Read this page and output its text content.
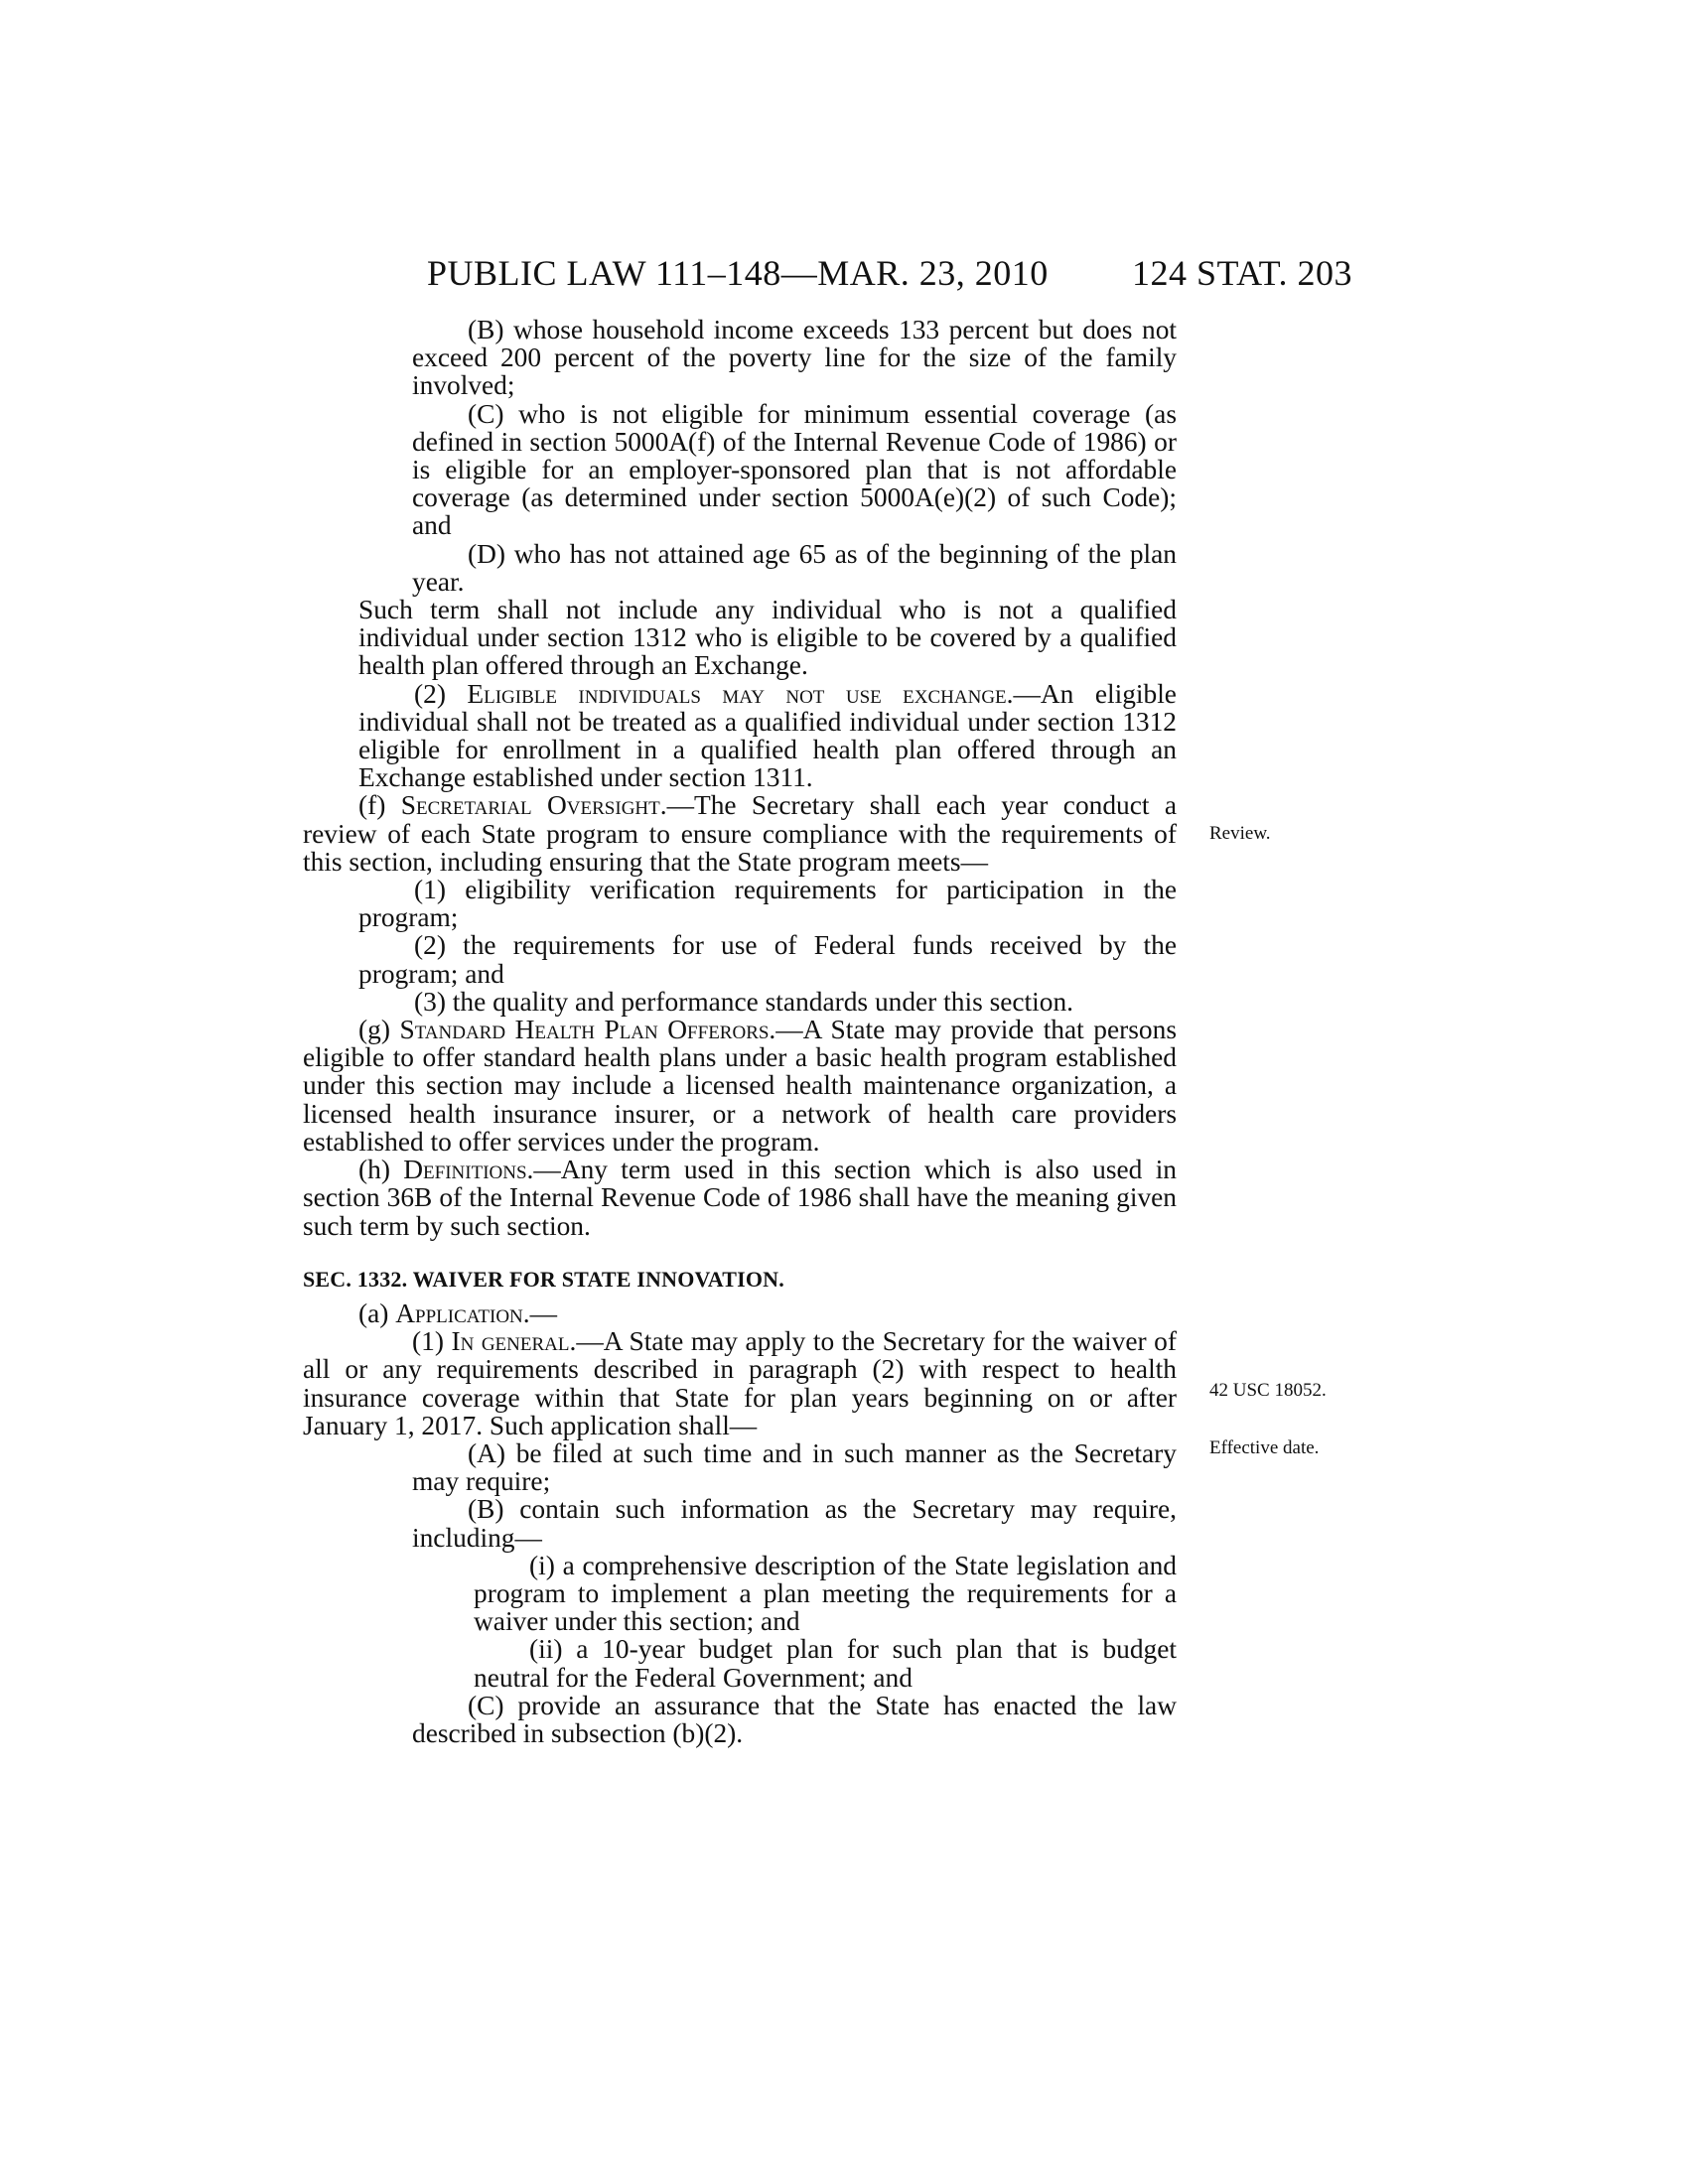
PUBLIC LAW 111–148—MAR. 23, 2010 124 STAT. 203

(B) whose household income exceeds 133 percent but does not exceed 200 percent of the poverty line for the size of the family involved;

(C) who is not eligible for minimum essential coverage (as defined in section 5000A(f) of the Internal Revenue Code of 1986) or is eligible for an employer-sponsored plan that is not affordable coverage (as determined under section 5000A(e)(2) of such Code); and

(D) who has not attained age 65 as of the beginning of the plan year.

Such term shall not include any individual who is not a qualified individual under section 1312 who is eligible to be covered by a qualified health plan offered through an Exchange.

(2) Eligible individuals may not use exchange.—An eligible individual shall not be treated as a qualified individual under section 1312 eligible for enrollment in a qualified health plan offered through an Exchange established under section 1311.

(f) Secretarial Oversight.—The Secretary shall each year conduct a review of each State program to ensure compliance with the requirements of this section, including ensuring that the State program meets—

(1) eligibility verification requirements for participation in the program;

(2) the requirements for use of Federal funds received by the program; and

(3) the quality and performance standards under this section.

(g) Standard Health Plan Offerors.—A State may provide that persons eligible to offer standard health plans under a basic health program established under this section may include a licensed health maintenance organization, a licensed health insurance insurer, or a network of health care providers established to offer services under the program.

(h) Definitions.—Any term used in this section which is also used in section 36B of the Internal Revenue Code of 1986 shall have the meaning given such term by such section.

SEC. 1332. WAIVER FOR STATE INNOVATION.

(a) Application.—

(1) In general.—A State may apply to the Secretary for the waiver of all or any requirements described in paragraph (2) with respect to health insurance coverage within that State for plan years beginning on or after January 1, 2017. Such application shall—

(A) be filed at such time and in such manner as the Secretary may require;

(B) contain such information as the Secretary may require, including—

(i) a comprehensive description of the State legislation and program to implement a plan meeting the requirements for a waiver under this section; and

(ii) a 10-year budget plan for such plan that is budget neutral for the Federal Government; and

(C) provide an assurance that the State has enacted the law described in subsection (b)(2).

Review.
42 USC 18052.
Effective date.
